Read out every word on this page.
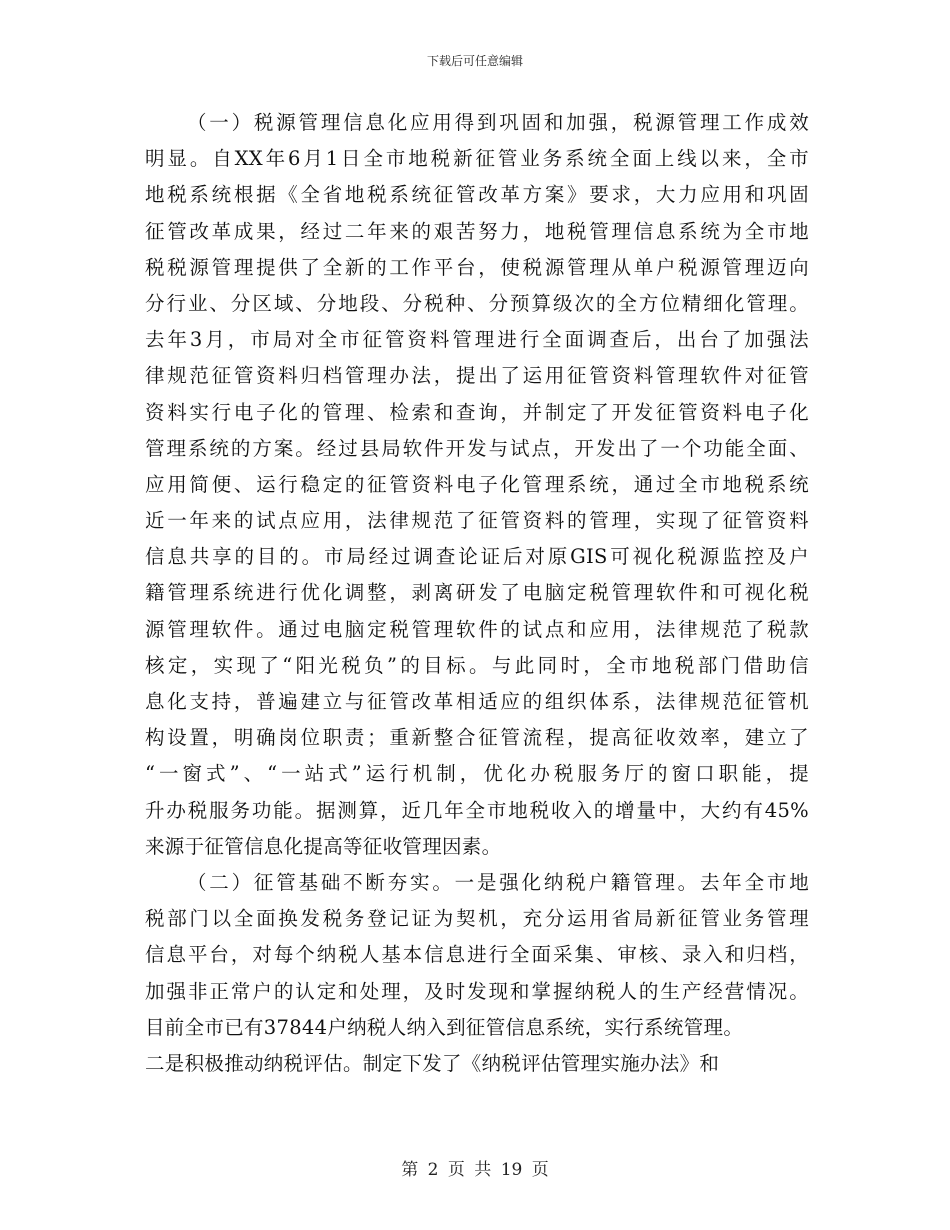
下载后可任意编辑
（一）税源管理信息化应用得到巩固和加强，税源管理工作成效
明显。自XX年6月1日全市地税新征管业务系统全面上线以来，全市
地税系统根据《全省地税系统征管改革方案》要求，大力应用和巩固
征管改革成果，经过二年来的艰苦努力，地税管理信息系统为全市地
税税源管理提供了全新的工作平台，使税源管理从单户税源管理迈向
分行业、分区域、分地段、分税种、分预算级次的全方位精细化管理。
去年3月，市局对全市征管资料管理进行全面调查后，出台了加强法
律规范征管资料归档管理办法，提出了运用征管资料管理软件对征管
资料实行电子化的管理、检索和查询，并制定了开发征管资料电子化
管理系统的方案。经过县局软件开发与试点，开发出了一个功能全面、
应用简便、运行稳定的征管资料电子化管理系统，通过全市地税系统
近一年来的试点应用，法律规范了征管资料的管理，实现了征管资料
信息共享的目的。市局经过调查论证后对原GIS可视化税源监控及户
籍管理系统进行优化调整，剥离研发了电脑定税管理软件和可视化税
源管理软件。通过电脑定税管理软件的试点和应用，法律规范了税款
核定，实现了“阳光税负”的目标。与此同时，全市地税部门借助信
息化支持，普遍建立与征管改革相适应的组织体系，法律规范征管机
构设置，明确岗位职责；重新整合征管流程，提高征收效率，建立了
“一窗式”、“一站式”运行机制，优化办税服务厅的窗口职能，提
升办税服务功能。据测算，近几年全市地税收入的增量中，大约有45%
来源于征管信息化提高等征收管理因素。
（二）征管基础不断夯实。一是强化纳税户籍管理。去年全市地
税部门以全面换发税务登记证为契机，充分运用省局新征管业务管理
信息平台，对每个纳税人基本信息进行全面采集、审核、录入和归档，
加强非正常户的认定和处理，及时发现和掌握纳税人的生产经营情况。
目前全市已有37844户纳税人纳入到征管信息系统，实行系统管理。
二是积极推动纳税评估。制定下发了《纳税评估管理实施办法》和
第 2 页 共 19 页
